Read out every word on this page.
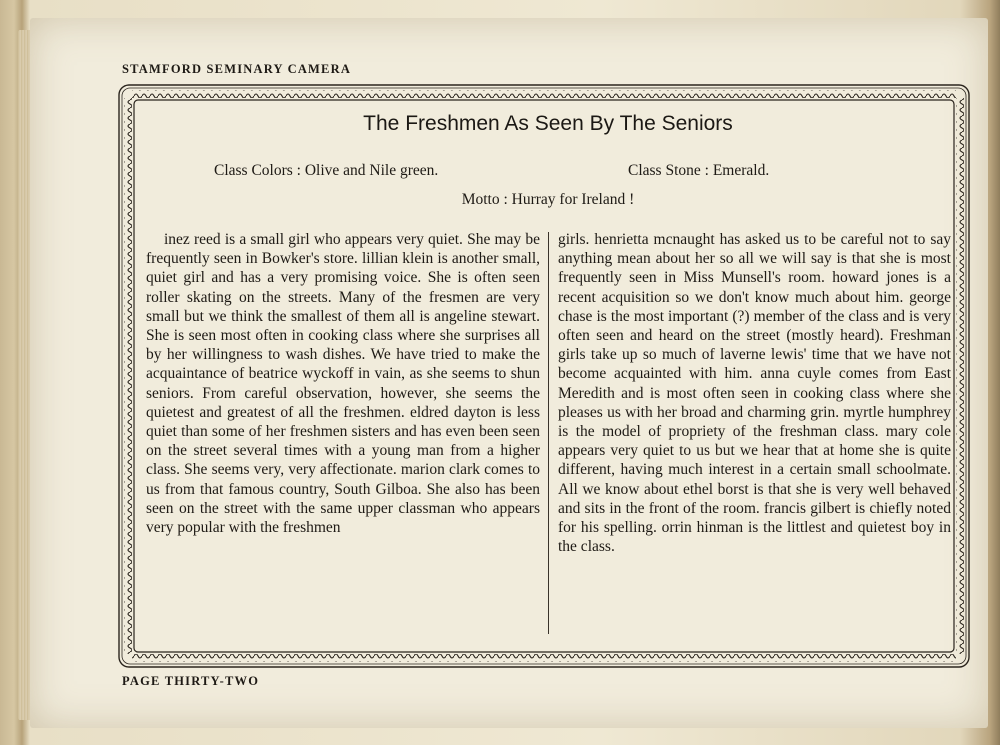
STAMFORD SEMINARY CAMERA
The Freshmen As Seen By The Seniors
Class Colors : Olive and Nile green.	Class Stone : Emerald.
Motto : Hurray for Ireland !
inez reed is a small girl who appears very quiet. She may be frequently seen in Bowker's store. lillian klein is another small, quiet girl and has a very promising voice. She is often seen roller skating on the streets. Many of the fresmen are very small but we think the smallest of them all is angeline stewart. She is seen most often in cooking class where she surprises all by her willingness to wash dishes. We have tried to make the acquaintance of beatrice wyckoff in vain, as she seems to shun seniors. From careful observation, however, she seems the quietest and greatest of all the freshmen. eldred dayton is less quiet than some of her freshmen sisters and has even been seen on the street several times with a young man from a higher class. She seems very, very affectionate. marion clark comes to us from that famous country, South Gilboa. She also has been seen on the street with the same upper classman who appears very popular with the freshmen
girls. henrietta mcnaught has asked us to be careful not to say anything mean about her so all we will say is that she is most frequently seen in Miss Munsell's room. howard jones is a recent acquisition so we don't know much about him. george chase is the most important (?) member of the class and is very often seen and heard on the street (mostly heard). Freshman girls take up so much of laverne lewis' time that we have not become acquainted with him. anna cuyle comes from East Meredith and is most often seen in cooking class where she pleases us with her broad and charming grin. myrtle humphrey is the model of propriety of the freshman class. mary cole appears very quiet to us but we hear that at home she is quite different, having much interest in a certain small schoolmate. All we know about ethel borst is that she is very well behaved and sits in the front of the room. francis gilbert is chiefly noted for his spelling. orrin hinman is the littlest and quietest boy in the class.
PAGE THIRTY-TWO
